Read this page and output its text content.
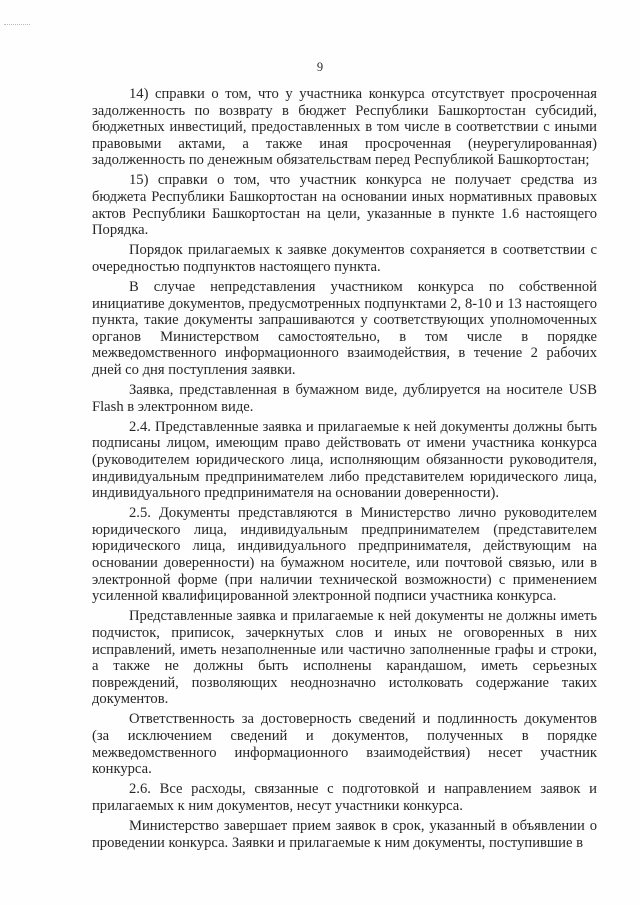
9

14) справки о том, что у участника конкурса отсутствует просроченная задолженность по возврату в бюджет Республики Башкортостан субсидий, бюджетных инвестиций, предоставленных в том числе в соответствии с иными правовыми актами, а также иная просроченная (неурегулированная) задолженность по денежным обязательствам перед Республикой Башкортостан;

15) справки о том, что участник конкурса не получает средства из бюджета Республики Башкортостан на основании иных нормативных правовых актов Республики Башкортостан на цели, указанные в пункте 1.6 настоящего Порядка.

Порядок прилагаемых к заявке документов сохраняется в соответствии с очередностью подпунктов настоящего пункта.

В случае непредставления участником конкурса по собственной инициативе документов, предусмотренных подпунктами 2, 8-10 и 13 настоящего пункта, такие документы запрашиваются у соответствующих уполномоченных органов Министерством самостоятельно, в том числе в порядке межведомственного информационного взаимодействия, в течение 2 рабочих дней со дня поступления заявки.

Заявка, представленная в бумажном виде, дублируется на носителе USB Flash в электронном виде.

2.4. Представленные заявка и прилагаемые к ней документы должны быть подписаны лицом, имеющим право действовать от имени участника конкурса (руководителем юридического лица, исполняющим обязанности руководителя, индивидуальным предпринимателем либо представителем юридического лица, индивидуального предпринимателя на основании доверенности).

2.5. Документы представляются в Министерство лично руководителем юридического лица, индивидуальным предпринимателем (представителем юридического лица, индивидуального предпринимателя, действующим на основании доверенности) на бумажном носителе, или почтовой связью, или в электронной форме (при наличии технической возможности) с применением усиленной квалифицированной электронной подписи участника конкурса.

Представленные заявка и прилагаемые к ней документы не должны иметь подчисток, приписок, зачеркнутых слов и иных не оговоренных в них исправлений, иметь незаполненные или частично заполненные графы и строки, а также не должны быть исполнены карандашом, иметь серьезных повреждений, позволяющих неоднозначно истолковать содержание таких документов.

Ответственность за достоверность сведений и подлинность документов (за исключением сведений и документов, полученных в порядке межведомственного информационного взаимодействия) несет участник конкурса.

2.6. Все расходы, связанные с подготовкой и направлением заявок и прилагаемых к ним документов, несут участники конкурса.

Министерство завершает прием заявок в срок, указанный в объявлении о проведении конкурса. Заявки и прилагаемые к ним документы, поступившие в
